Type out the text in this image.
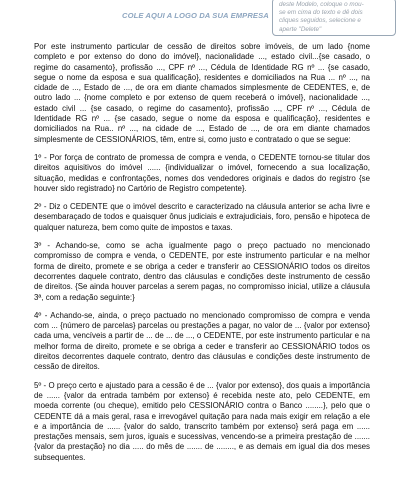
COLE AQUI A LOGO DA SUA EMPRESA
deste Modelo, coloque o mou-
se em cima do texto e dê dois
cliques seguidos, selecione e
aperte "Delete"

Por este instrumento particular de cessão de direitos sobre imóveis, de um lado {nome completo e por extenso do dono do imóvel}, nacionalidade ..., estado civil...{se casado, o regime do casamento}, profissão ..., CPF nº ..., Cédula de Identidade RG nº ... {se casado, segue o nome da esposa e sua qualificação}, residentes e domiciliados na Rua ... nº ..., na cidade de ..., Estado de ..., de ora em diante chamados simplesmente de CEDENTES, e, de outro lado ... {nome completo e por extenso de quem receberá o imóvel}, nacionalidade ..., estado civil ... {se casado, o regime do casamento}, profissão ..., CPF nº ..., Cédula de Identidade RG nº ... {se casado, segue o nome da esposa e qualificação}, residentes e domiciliados na Rua.. nº ..., na cidade de ..., Estado de ..., de ora em diante chamados simplesmente de CESSIONÁRIOS, têm, entre si, como justo e contratado o que se segue:

1º - Por força de contrato de promessa de compra e venda, o CEDENTE tornou-se titular dos direitos aquisitivos do imóvel ...... {individualizar o imóvel, fornecendo a sua localização, situação, medidas e confrontações, nomes dos vendedores originais e dados do registro {se houver sido registrado} no Cartório de Registro competente}.

2º - Diz o CEDENTE que o imóvel descrito e caracterizado na cláusula anterior se acha livre e desembaraçado de todos e quaisquer ônus judiciais e extrajudiciais, foro, pensão e hipoteca de qualquer natureza, bem como quite de impostos e taxas.

3º - Achando-se, como se acha igualmente pago o preço pactuado no mencionado compromisso de compra e venda, o CEDENTE, por este instrumento particular e na melhor forma de direito, promete e se obriga a ceder e transferir ao CESSIONÁRIO todos os direitos decorrentes daquele contrato, dentro das cláusulas e condições deste instrumento de cessão de direitos. {Se ainda houver parcelas a serem pagas, no compromisso inicial, utilize a cláusula 3ª, com a redação seguinte:}

4º - Achando-se, ainda, o preço pactuado no mencionado compromisso de compra e venda com ... {número de parcelas} parcelas ou prestações a pagar, no valor de ... {valor por extenso} cada uma, vencíveis a partir de ... de ... de ..., o CEDENTE, por este instrumento particular e na melhor forma de direito, promete e se obriga a ceder e transferir ao CESSIONÁRIO todos os direitos decorrentes daquele contrato, dentro das cláusulas e condições deste instrumento de cessão de direitos.

5º - O preço certo e ajustado para a cessão é de ... {valor por extenso}, dos quais a importância de ...... {valor da entrada também por extenso} é recebida neste ato, pelo CEDENTE, em moeda corrente (ou cheque), emitido pelo CESSIONÁRIO contra o Banco ........}, pelo que o CEDENTE dá a mais geral, rasa e irrevogável quitação para nada mais exigir em relação a ele e a importância de ...... {valor do saldo, transcrito também por extenso} será paga em ...... prestações mensais, sem juros, iguais e sucessivas, vencendo-se a primeira prestação de ....... {valor da prestação} no dia ..... do mês de ....... de ........, e as demais em igual dia dos meses subsequentes.
